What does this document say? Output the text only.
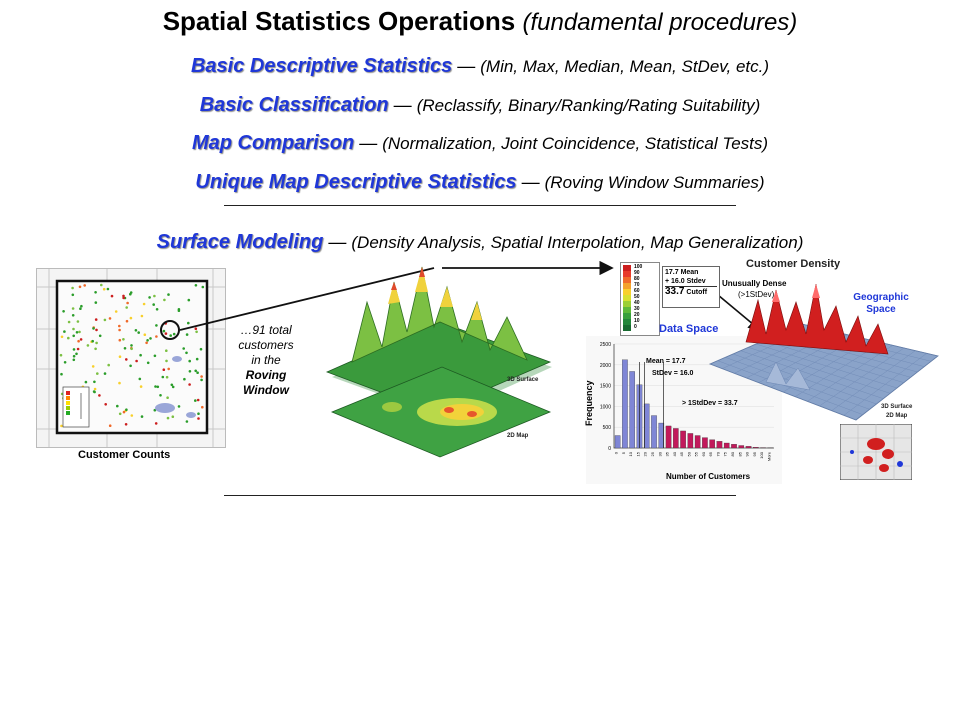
Spatial Statistics Operations (fundamental procedures)
Basic Descriptive Statistics — (Min, Max, Median, Mean, StDev, etc.)
Basic Classification — (Reclassify, Binary/Ranking/Rating Suitability)
Map Comparison — (Normalization, Joint Coincidence, Statistical Tests)
Unique Map Descriptive Statistics — (Roving Window Summaries)
Surface Modeling — (Density Analysis, Spatial Interpolation, Map Generalization)
Customer Counts
…91 total
customers
in the
Roving
Window
3D Surface
2D Map
100
90
80
70
60
50
40
30
20
10
0
17.7 Mean
+ 16.0 Stdev
33.7 Cutoff
Customer Density
Unusually Dense
(>1StDev)	Geographic
Space
Data Space
0
500
1000
1500
2000
2500
0 5 10 15 20 25 30 35 40 45 50 55 60 65 70 75 80 85 90 95 100 More
Frequency
Number of Customers
Mean = 17.7
StDev = 16.0
> 1StdDev = 33.7	3D Surface
2D Map
